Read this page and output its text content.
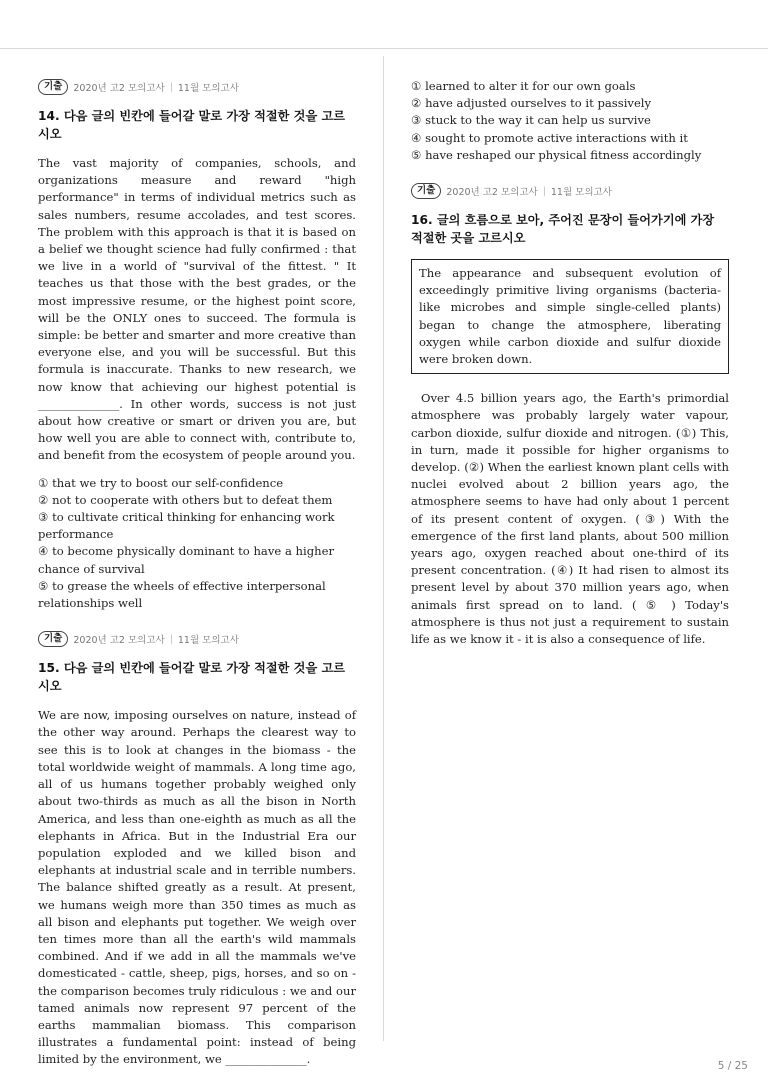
기출	2020년 고2 모의고사 | 11월 모의고사
14. 다음 글의 빈칸에 들어갈 말로 가장 적절한 것을 고르시오

The vast majority of companies, schools, and organizations measure and reward "high performance" in terms of individual metrics such as sales numbers, resume accolades, and test scores. The problem with this approach is that it is based on a belief we thought science had fully confirmed : that we live in a world of "survival of the fittest. " It teaches us that those with the best grades, or the most impressive resume, or the highest point score, will be the ONLY ones to succeed. The formula is simple: be better and smarter and more creative than everyone else, and you will be successful. But this formula is inaccurate. Thanks to new research, we now know that achieving our highest potential is ______________. In other words, success is not just about how creative or smart or driven you are, but how well you are able to connect with, contribute to, and benefit from the ecosystem of people around you.

① that we try to boost our self-confidence
② not to cooperate with others but to defeat them
③ to cultivate critical thinking for enhancing work performance
④ to become physically dominant to have a higher chance of survival
⑤ to grease the wheels of effective interpersonal relationships well
기출	2020년 고2 모의고사 | 11월 모의고사
15. 다음 글의 빈칸에 들어갈 말로 가장 적절한 것을 고르시오

We are now, imposing ourselves on nature, instead of the other way around. Perhaps the clearest way to see this is to look at changes in the biomass - the total worldwide weight of mammals. A long time ago, all of us humans together probably weighed only about two-thirds as much as all the bison in North America, and less than one-eighth as much as all the elephants in Africa. But in the Industrial Era our population exploded and we killed bison and elephants at industrial scale and in terrible numbers. The balance shifted greatly as a result. At present, we humans weigh more than 350 times as much as all bison and elephants put together. We weigh over ten times more than all the earth's wild mammals combined. And if we add in all the mammals we've domesticated - cattle, sheep, pigs, horses, and so on - the comparison becomes truly ridiculous : we and our tamed animals now represent 97 percent of the earths mammalian biomass. This comparison illustrates a fundamental point: instead of being limited by the environment, we ______________.

① learned to alter it for our own goals
② have adjusted ourselves to it passively
③ stuck to the way it can help us survive
④ sought to promote active interactions with it
⑤ have reshaped our physical fitness accordingly
기출	2020년 고2 모의고사 | 11월 모의고사
16. 글의 흐름으로 보아, 주어진 문장이 들어가기에 가장 적절한 곳을 고르시오
The appearance and subsequent evolution of exceedingly primitive living organisms (bacteria-like microbes and simple single-celled plants) began to change the atmosphere, liberating oxygen while carbon dioxide and sulfur dioxide were broken down.

Over 4.5 billion years ago, the Earth's primordial atmosphere was probably largely water vapour, carbon dioxide, sulfur dioxide and nitrogen. (①) This, in turn, made it possible for higher organisms to develop. (②) When the earliest known plant cells with nuclei evolved about 2 billion years ago, the atmosphere seems to have had only about 1 percent of its present content of oxygen. (③) With the emergence of the first land plants, about 500 million years ago, oxygen reached about one-third of its present concentration. (④) It had risen to almost its present level by about 370 million years ago, when animals first spread on to land. ( ⑤ ) Today's atmosphere is thus not just a requirement to sustain life as we know it - it is also a consequence of life.

5 / 25
